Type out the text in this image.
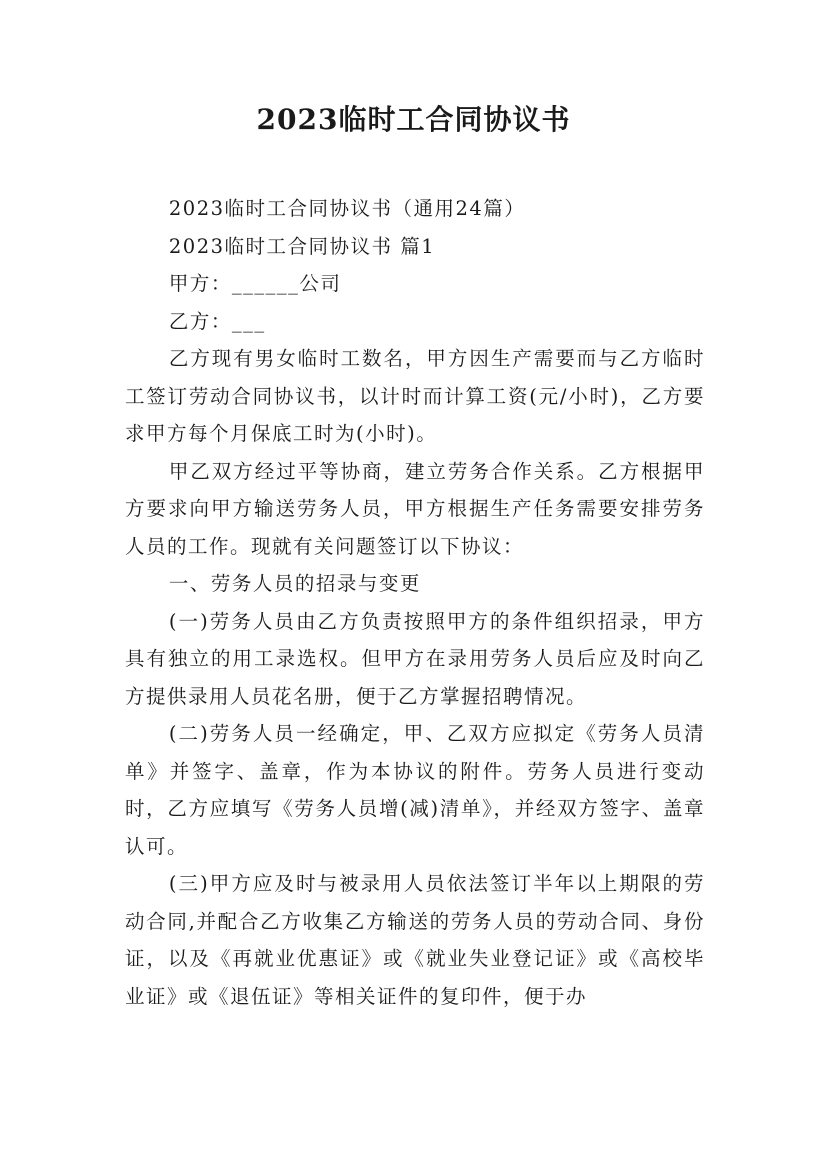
2023临时工合同协议书

2023临时工合同协议书（通用24篇）

2023临时工合同协议书 篇1

甲方：______公司

乙方：___

乙方现有男女临时工数名，甲方因生产需要而与乙方临时工签订劳动合同协议书，以计时而计算工资(元/小时)，乙方要求甲方每个月保底工时为(小时)。

甲乙双方经过平等协商，建立劳务合作关系。乙方根据甲方要求向甲方输送劳务人员，甲方根据生产任务需要安排劳务人员的工作。现就有关问题签订以下协议：

一、劳务人员的招录与变更

(一)劳务人员由乙方负责按照甲方的条件组织招录，甲方具有独立的用工录选权。但甲方在录用劳务人员后应及时向乙方提供录用人员花名册，便于乙方掌握招聘情况。

(二)劳务人员一经确定，甲、乙双方应拟定《劳务人员清单》并签字、盖章，作为本协议的附件。劳务人员进行变动时，乙方应填写《劳务人员增(减)清单》，并经双方签字、盖章认可。

(三)甲方应及时与被录用人员依法签订半年以上期限的劳动合同,并配合乙方收集乙方输送的劳务人员的劳动合同、身份证，以及《再就业优惠证》或《就业失业登记证》或《高校毕业证》或《退伍证》等相关证件的复印件，便于办
